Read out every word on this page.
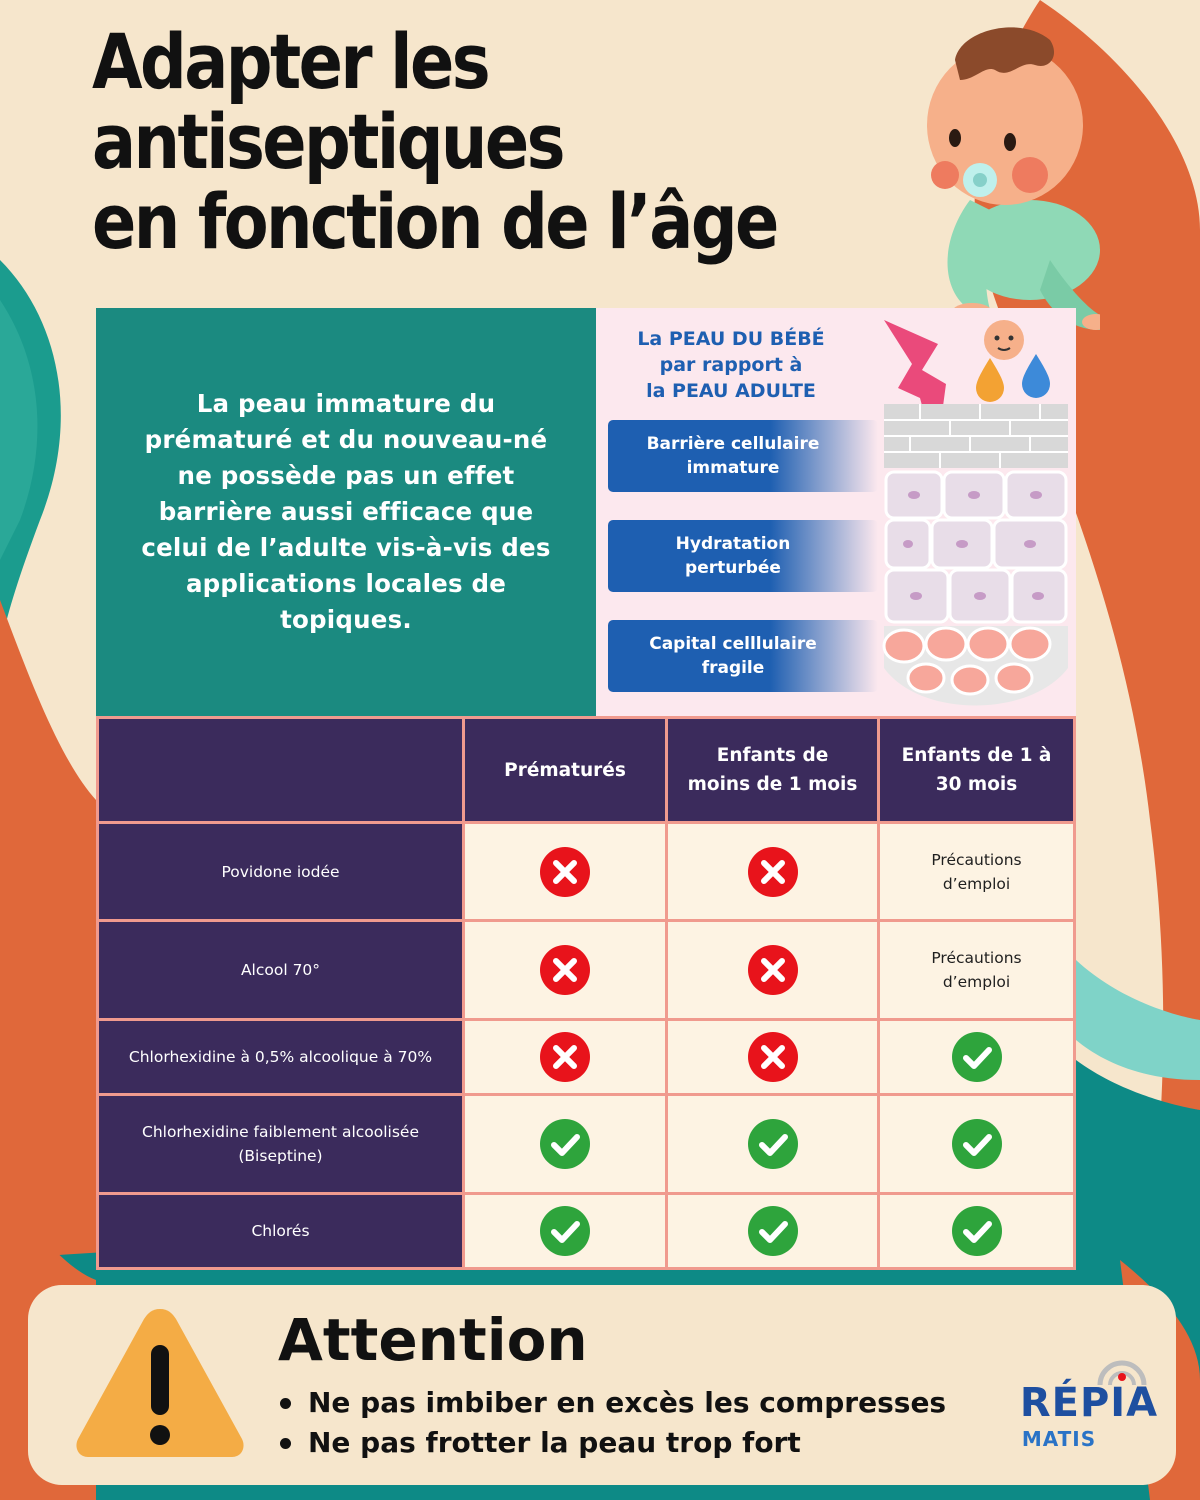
Adapter les
antiseptiques
en fonction de l’âge

La peau immature du prématuré et du nouveau-né ne possède pas un effet barrière aussi efficace que celui de l’adulte vis-à-vis des applications locales de topiques.

La PEAU DU BÉBÉ
par rapport à
la PEAU ADULTE
Barrière cellulaire
immature
Hydratation
perturbée
Capital celllulaire
fragile
Prématurés
Enfants de moins de 1 mois
Enfants de 1 à 30 mois
Povidone iodée
Précautions d’emploi
Alcool 70°
Précautions d’emploi
Chlorhexidine à 0,5% alcoolique à 70%
Chlorhexidine faiblement alcoolisée (Biseptine)
Chlorés
Attention
Ne pas imbiber en excès les compresses
Ne pas frotter la peau trop fort
RÉPIA
MATIS
